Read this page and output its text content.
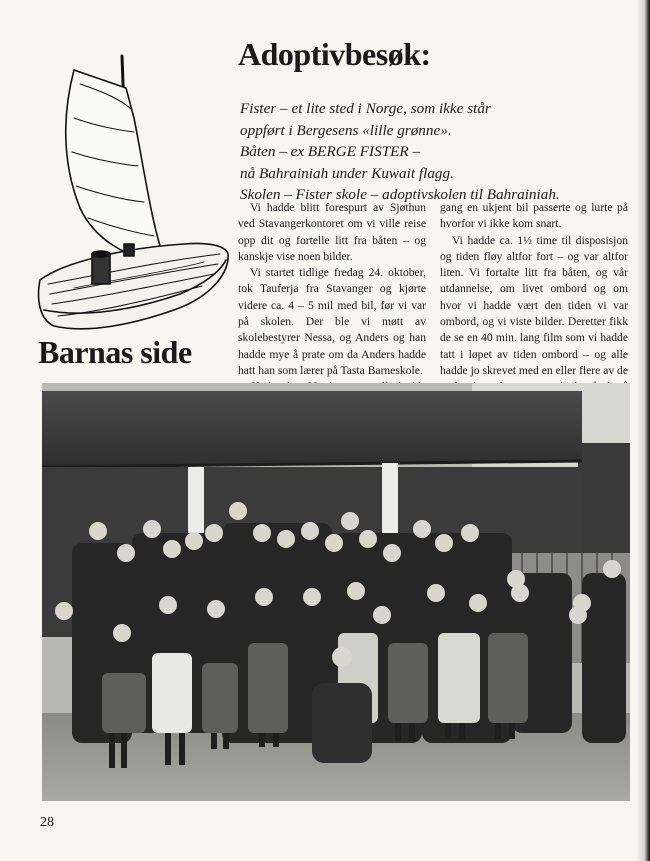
Barnas side
Adoptivbesøk:
Fister – et lite sted i Norge, som ikke står
oppført i Bergesens «lille grønne».
Båten – ex BERGE FISTER –
nå Bahrainiah under Kuwait flagg.
Skolen – Fister skole – adoptivskolen til Bahrainiah.

Vi hadde blitt forespurt av Sjøthun ved Stavangerkontoret om vi ville reise opp dit og fortelle litt fra båten – og kanskje vise noen bilder.

Vi startet tidlige fredag 24. oktober, tok Tauferja fra Stavanger og kjørte videre ca. 4 – 5 mil med bil, før vi var på skolen. Der ble vi møtt av skolebestyrer Nessa, og Anders og han hadde mye å prate om da Anders hadde hatt han som lærer på Tasta Barneskole.

gang en ukjent bil passerte og lurte på hvorfor vi ikke kom snart.

Vi hadde ca. 1½ time til disposisjon og tiden fløy altfor fort – og var altfor liten. Vi fortalte litt fra båten, og vår utdannelse, om livet ombord og om hvor vi hadde vært den tiden vi var ombord, og vi viste bilder. Deretter fikk de se en 40 min. lang film som vi hadde tatt i løpet av tiden ombord – og alle hadde jo skrevet med en eller flere av de

28
